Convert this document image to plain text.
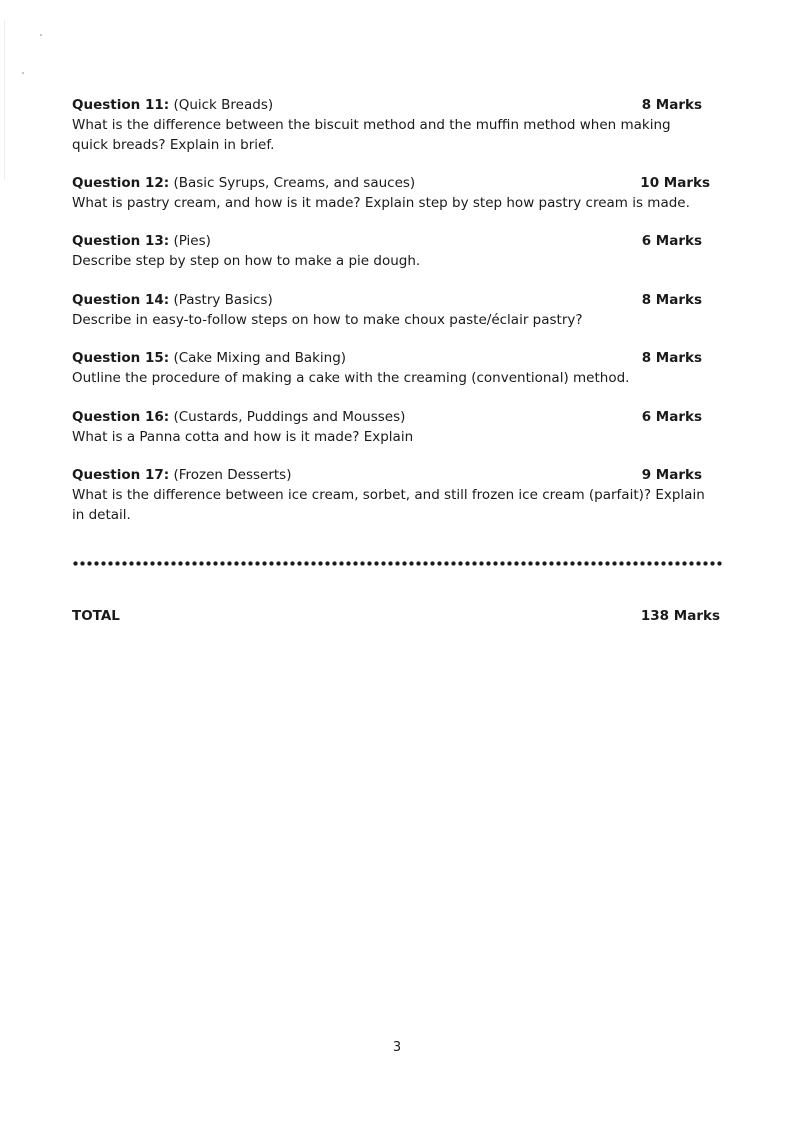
Question 11: (Quick Breads)	8 Marks

What is the difference between the biscuit method and the muffin method when making quick breads? Explain in brief.

Question 12: (Basic Syrups, Creams, and sauces)	10 Marks

What is pastry cream, and how is it made? Explain step by step how pastry cream is made.

Question 13: (Pies)	6 Marks

Describe step by step on how to make a pie dough.

Question 14: (Pastry Basics)	8 Marks

Describe in easy-to-follow steps on how to make choux paste/éclair pastry?

Question 15: (Cake Mixing and Baking)	8 Marks

Outline the procedure of making a cake with the creaming (conventional) method.

Question 16: (Custards, Puddings and Mousses)	6 Marks

What is a Panna cotta and how is it made? Explain

Question 17: (Frozen Desserts)	9 Marks

What is the difference between ice cream, sorbet, and still frozen ice cream (parfait)? Explain in detail.

TOTAL	138 Marks
3
